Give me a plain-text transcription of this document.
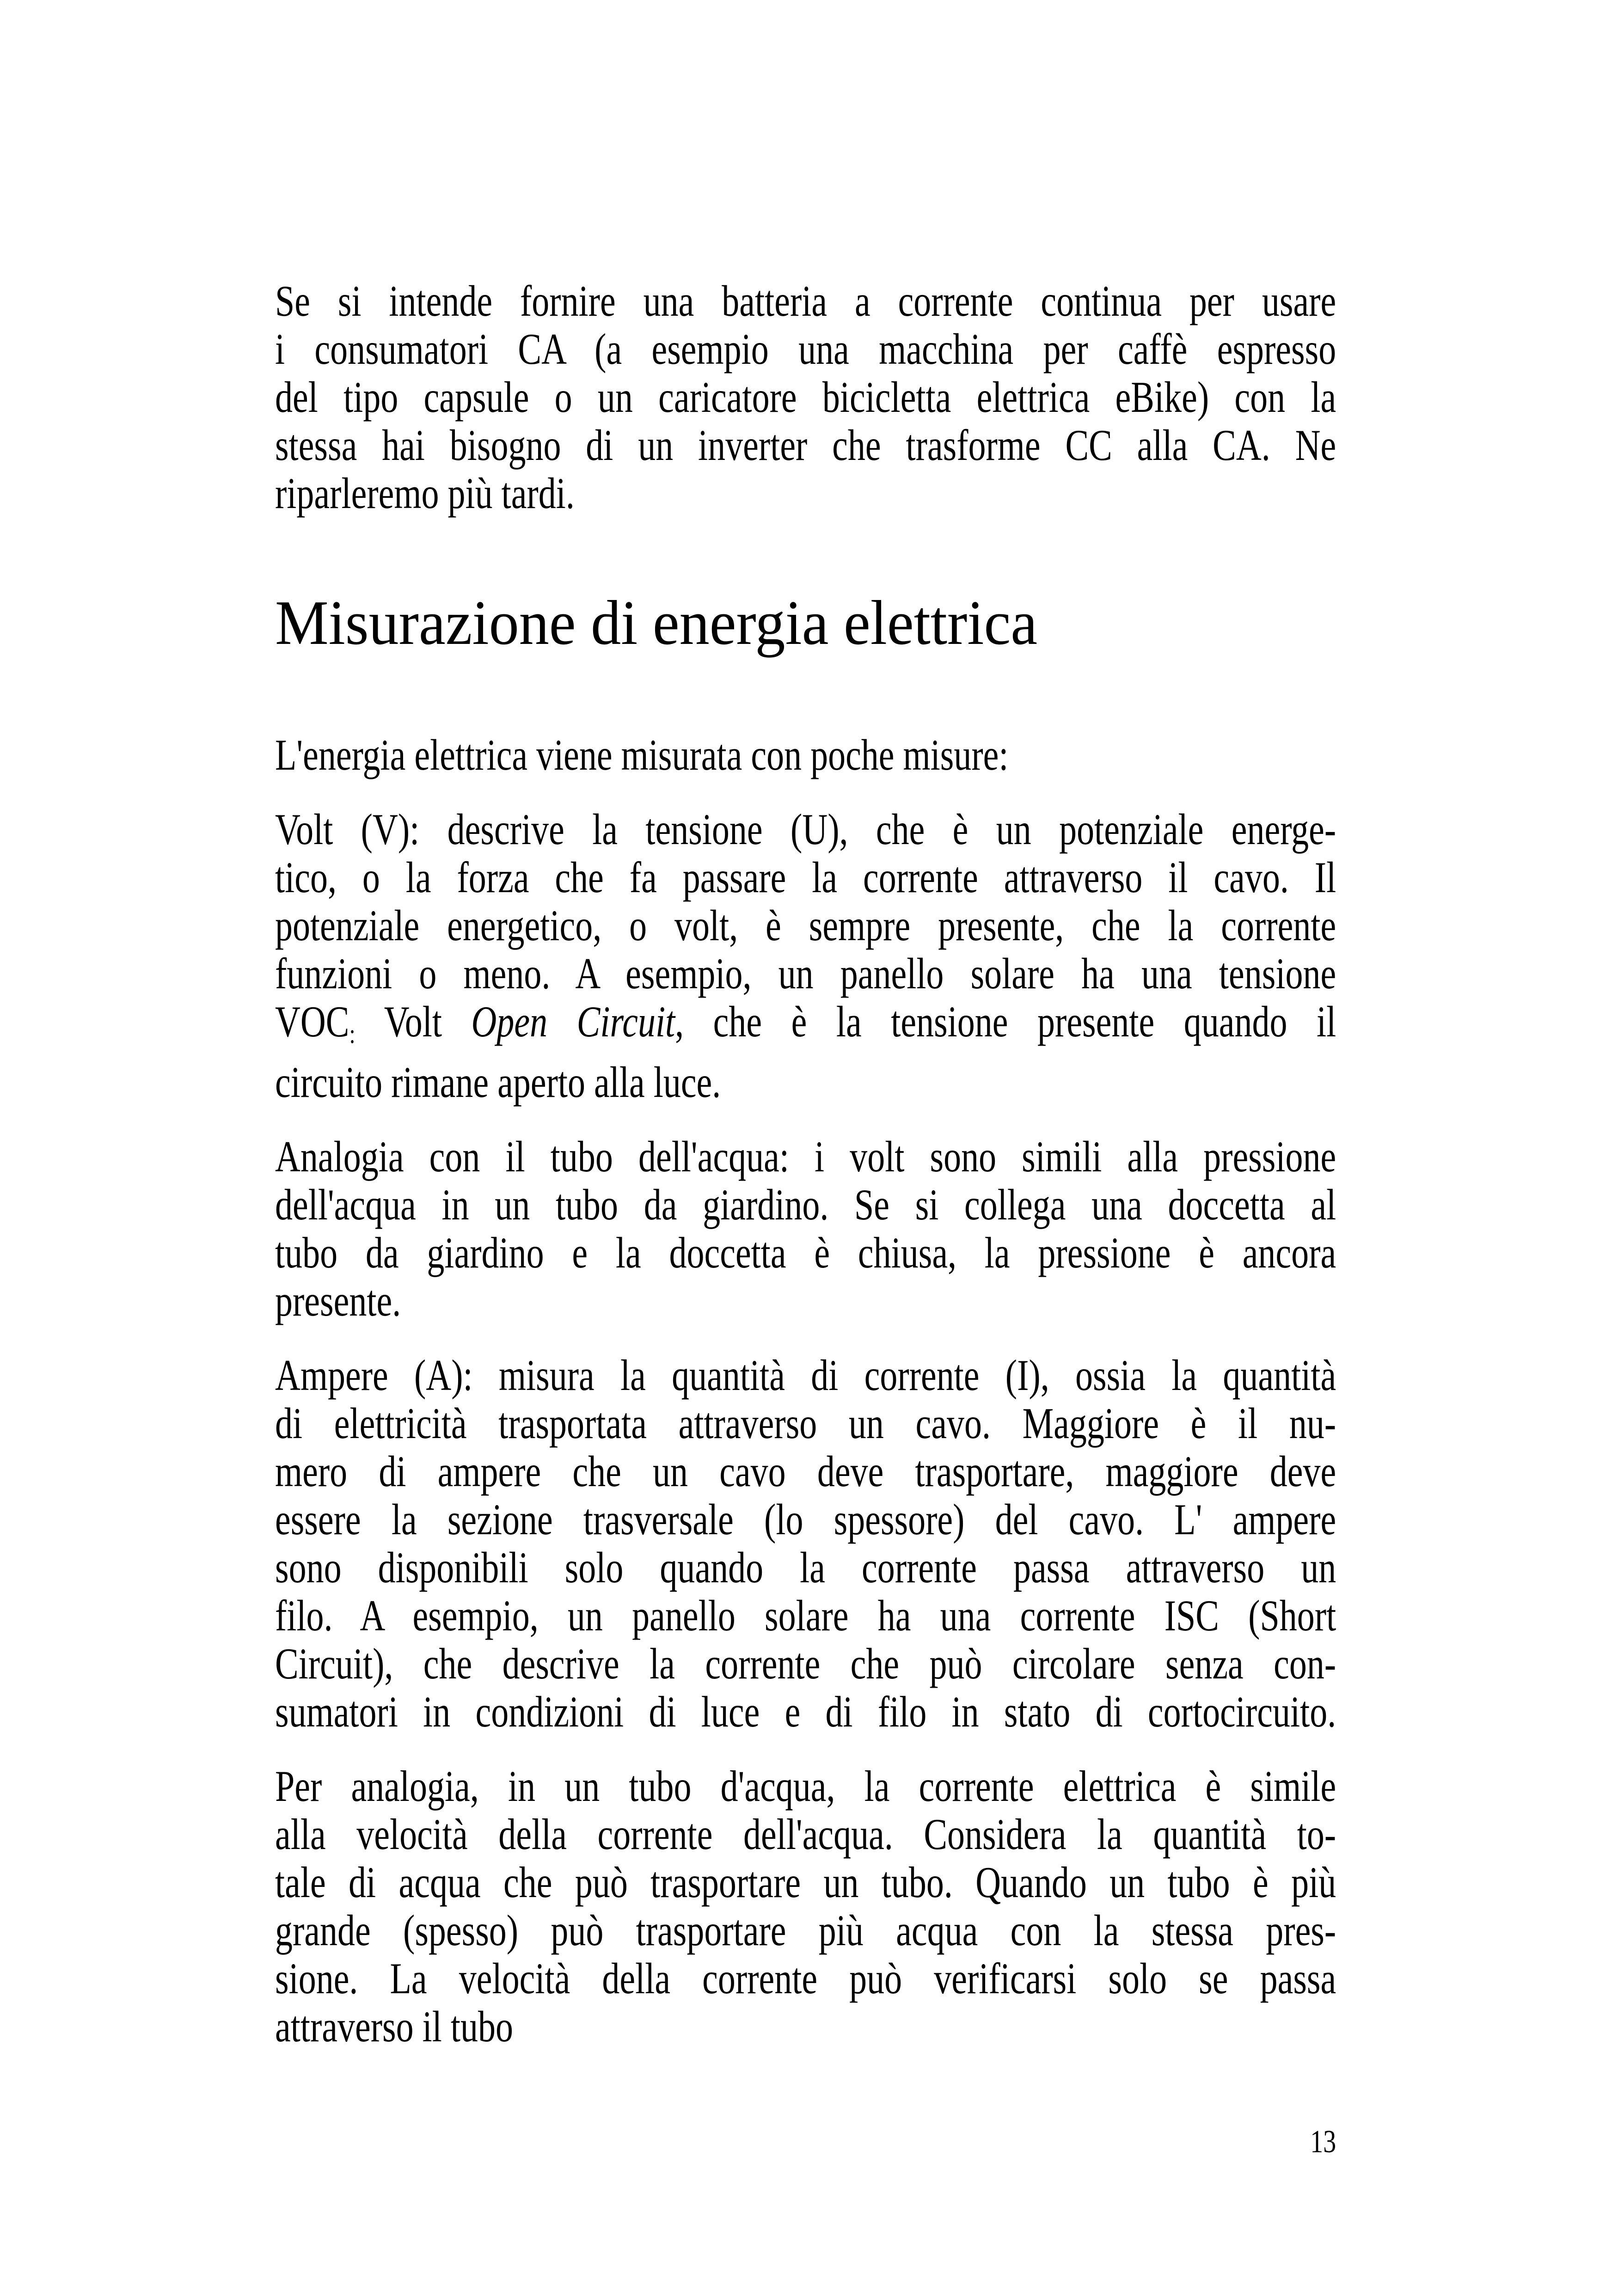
Se si intende fornire una batteria a corrente continua per usare
i consumatori CA (a esempio una macchina per caffè espresso
del tipo capsule o un caricatore bicicletta elettrica eBike) con la
stessa hai bisogno di un inverter che trasforme CC alla CA. Ne
riparleremo più tardi.
Misurazione di energia elettrica
L'energia elettrica viene misurata con poche misure:
Volt (V): descrive la tensione (U), che è un potenziale energe-
tico, o la forza che fa passare la corrente attraverso il cavo. Il
potenziale energetico, o volt, è sempre presente, che la corrente
funzioni o meno. A esempio, un panello solare ha una tensione
$VOC_:$ Volt Open Circuit, che è la tensione presente quando il
circuito rimane aperto alla luce.
Analogia con il tubo dell'acqua: i volt sono simili alla pressione
dell'acqua in un tubo da giardino. Se si collega una doccetta al
tubo da giardino e la doccetta è chiusa, la pressione è ancora
presente.
Ampere (A): misura la quantità di corrente (I), ossia la quantità
di elettricità trasportata attraverso un cavo. Maggiore è il nu-
mero di ampere che un cavo deve trasportare, maggiore deve
essere la sezione trasversale (lo spessore) del cavo. L' ampere
sono disponibili solo quando la corrente passa attraverso un
filo. A esempio, un panello solare ha una corrente ISC (Short
Circuit), che descrive la corrente che può circolare senza con-
sumatori in condizioni di luce e di filo in stato di cortocircuito.
Per analogia, in un tubo d'acqua, la corrente elettrica è simile
alla velocità della corrente dell'acqua. Considera la quantità to-
tale di acqua che può trasportare un tubo. Quando un tubo è più
grande (spesso) può trasportare più acqua con la stessa pres-
sione. La velocità della corrente può verificarsi solo se passa
attraverso il tubo
13
